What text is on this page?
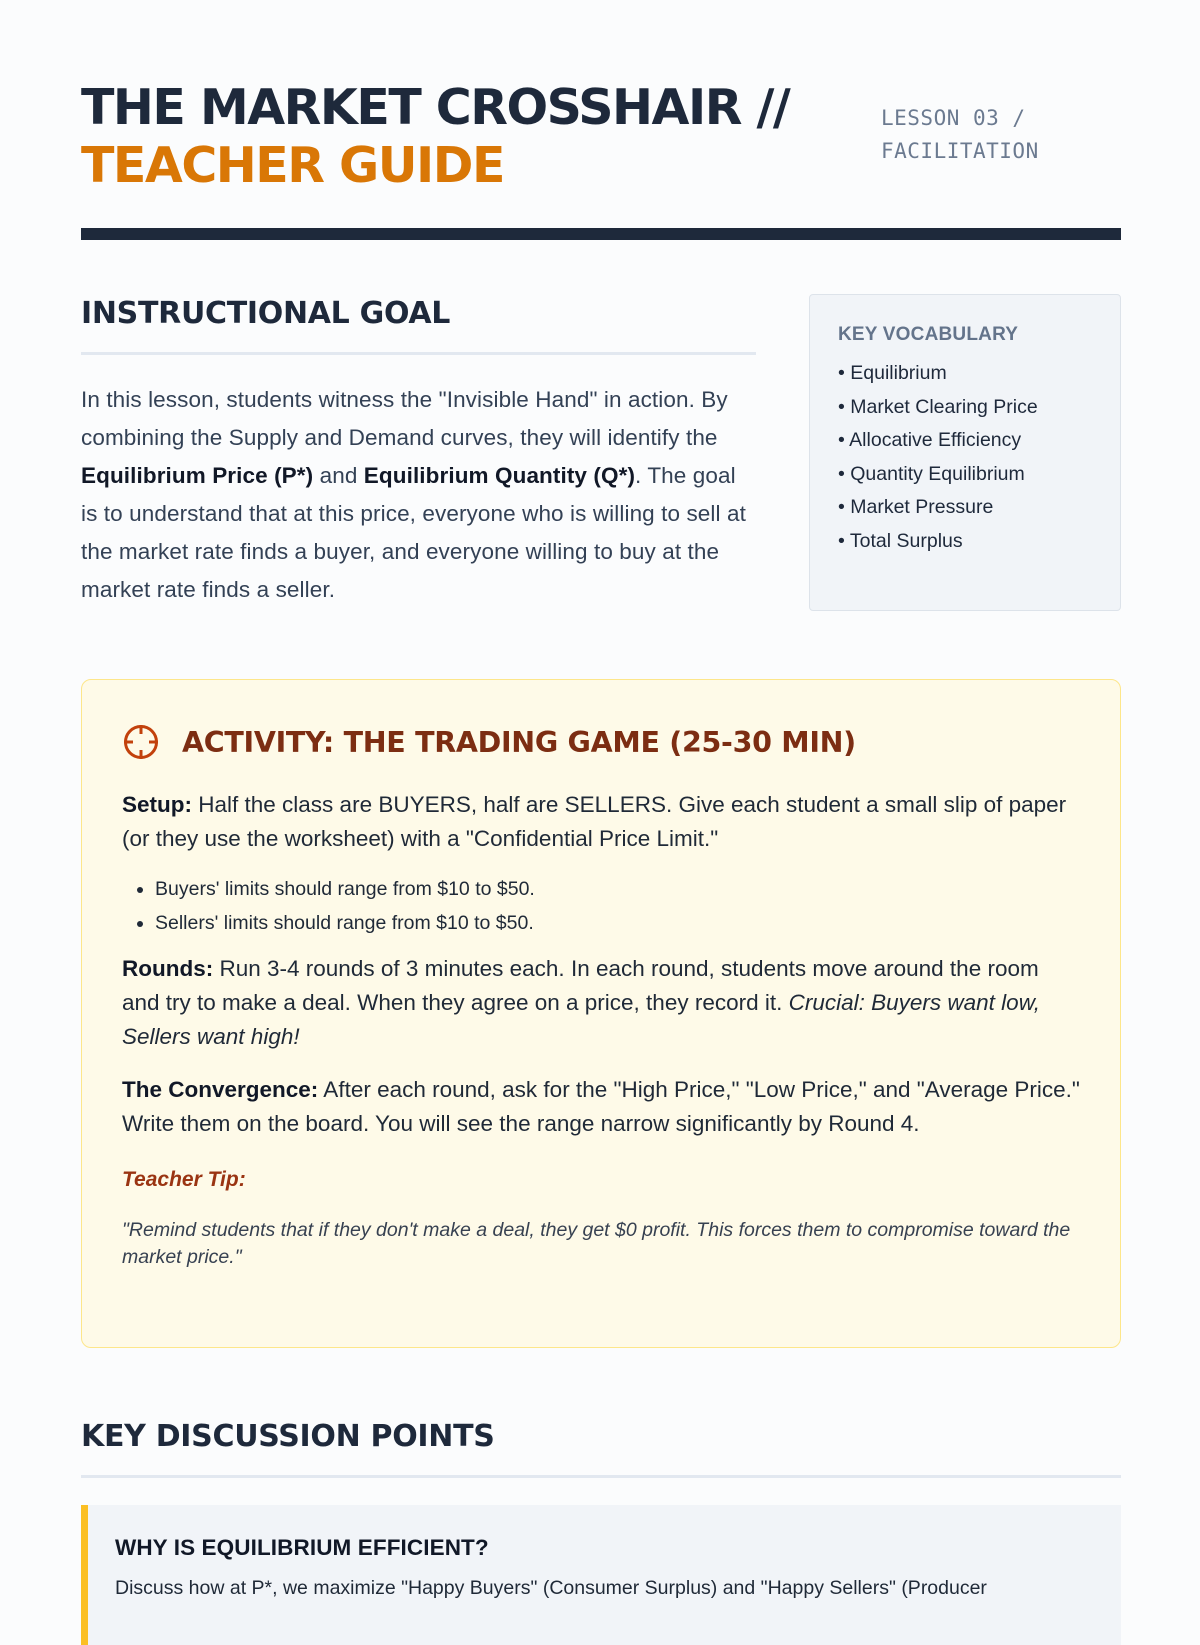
THE MARKET CROSSHAIR //
TEACHER GUIDE
LESSON 03 /
FACILITATION
INSTRUCTIONAL GOAL

In this lesson, students witness the "Invisible Hand" in action. By combining the Supply and Demand curves, they will identify the Equilibrium Price (P*) and Equilibrium Quantity (Q*). The goal is to understand that at this price, everyone who is willing to sell at the market rate finds a buyer, and everyone willing to buy at the market rate finds a seller.

KEY VOCABULARY
• Equilibrium
• Market Clearing Price
• Allocative Efficiency
• Quantity Equilibrium
• Market Pressure
• Total Surplus
ACTIVITY: THE TRADING GAME (25-30 MIN)

Setup: Half the class are BUYERS, half are SELLERS. Give each student a small slip of paper (or they use the worksheet) with a "Confidential Price Limit."

• Buyers' limits should range from $10 to $50.
• Sellers' limits should range from $10 to $50.

Rounds: Run 3-4 rounds of 3 minutes each. In each round, students move around the room and try to make a deal. When they agree on a price, they record it. Crucial: Buyers want low, Sellers want high!

The Convergence: After each round, ask for the "High Price," "Low Price," and "Average Price." Write them on the board. You will see the range narrow significantly by Round 4.

Teacher Tip:
"Remind students that if they don't make a deal, they get $0 profit. This forces them to compromise toward the market price."
KEY DISCUSSION POINTS
WHY IS EQUILIBRIUM EFFICIENT?
Discuss how at P*, we maximize "Happy Buyers" (Consumer Surplus) and "Happy Sellers" (Producer
